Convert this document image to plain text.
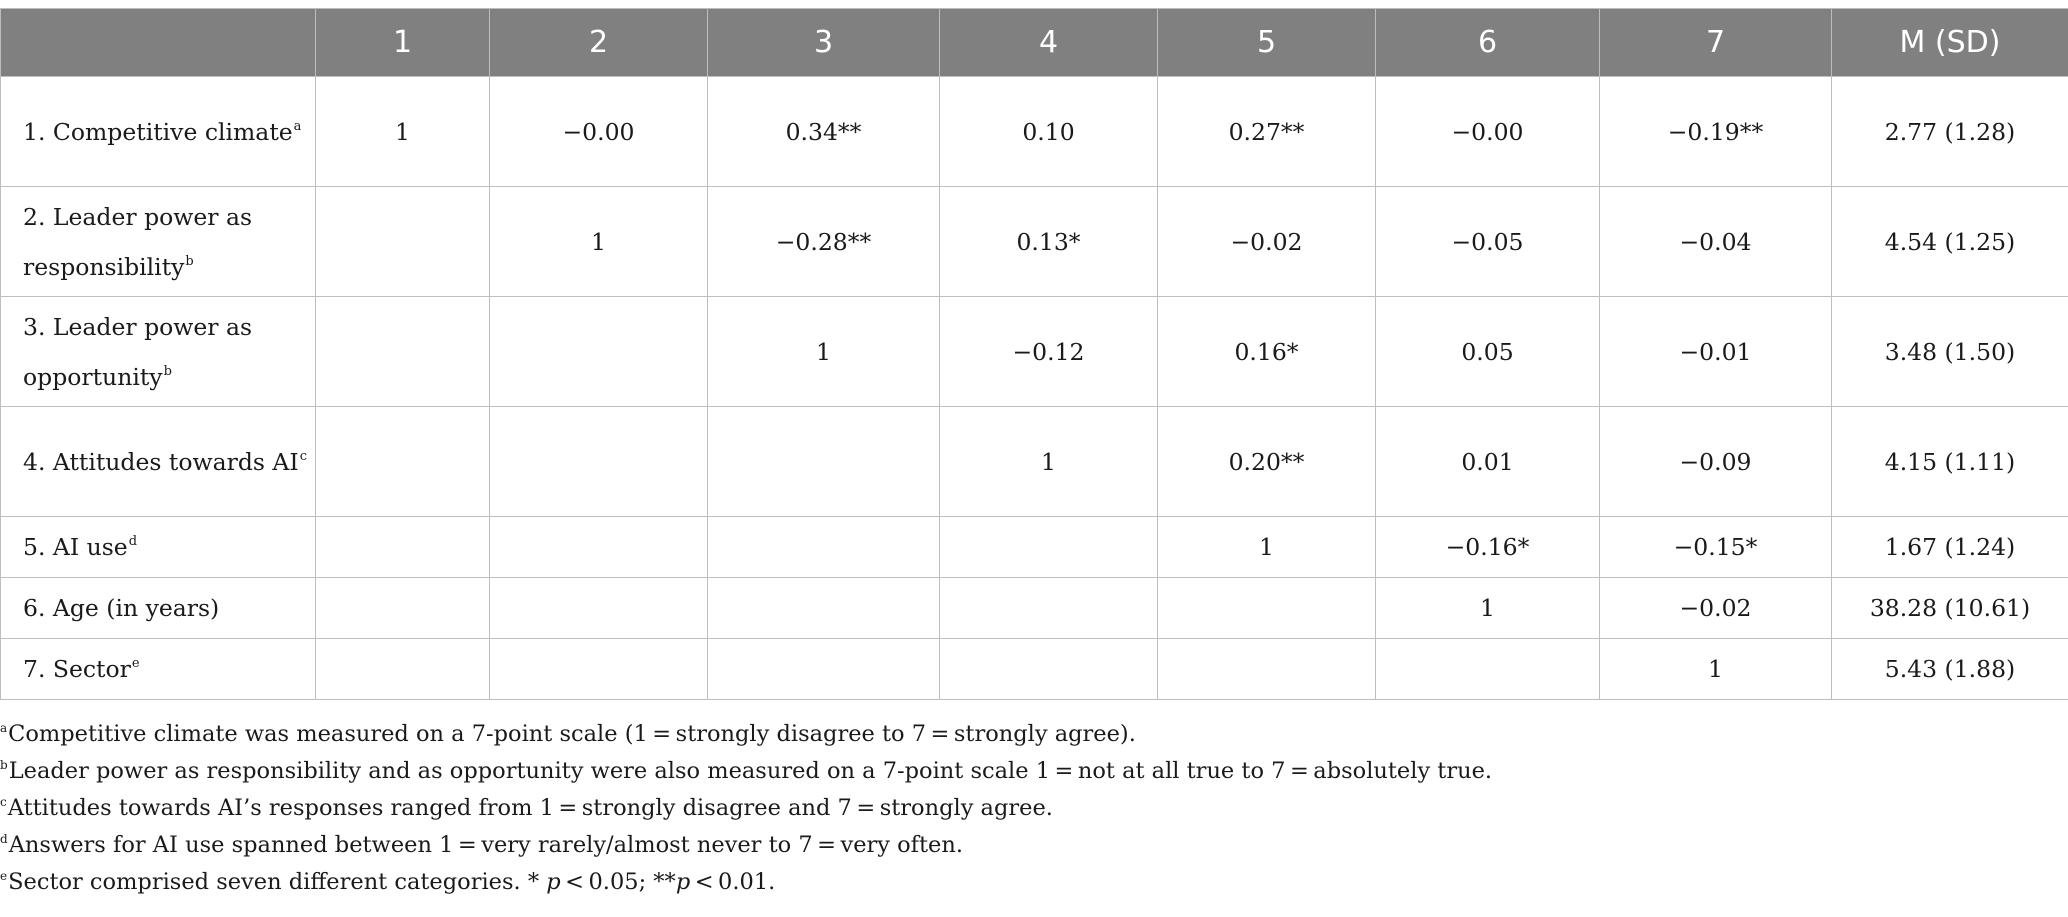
	1	2	3	4	5	6	7	M (SD)
1. Competitive climate$^a$	1	−0.00	0.34**	0.10	0.27**	−0.00	−0.19**	2.77 (1.28)
2. Leader power as responsibility$^b$		1	−0.28**	0.13*	−0.02	−0.05	−0.04	4.54 (1.25)
3. Leader power as opportunity$^b$			1	−0.12	0.16*	0.05	−0.01	3.48 (1.50)
4. Attitudes towards AI$^c$				1	0.20**	0.01	−0.09	4.15 (1.11)
5. AI use$^d$					1	−0.16*	−0.15*	1.67 (1.24)
6. Age (in years)						1	−0.02	38.28 (10.61)
7. Sector$^e$							1	5.43 (1.88)
$^a$Competitive climate was measured on a 7-point scale (1 = strongly disagree to 7 = strongly agree).
$^b$Leader power as responsibility and as opportunity were also measured on a 7-point scale 1 = not at all true to 7 = absolutely true.
$^c$Attitudes towards AI’s responses ranged from 1 = strongly disagree and 7 = strongly agree.
$^d$Answers for AI use spanned between 1 = very rarely/almost never to 7 = very often.
$^e$Sector comprised seven different categories. * p < 0.05; **p < 0.01.
